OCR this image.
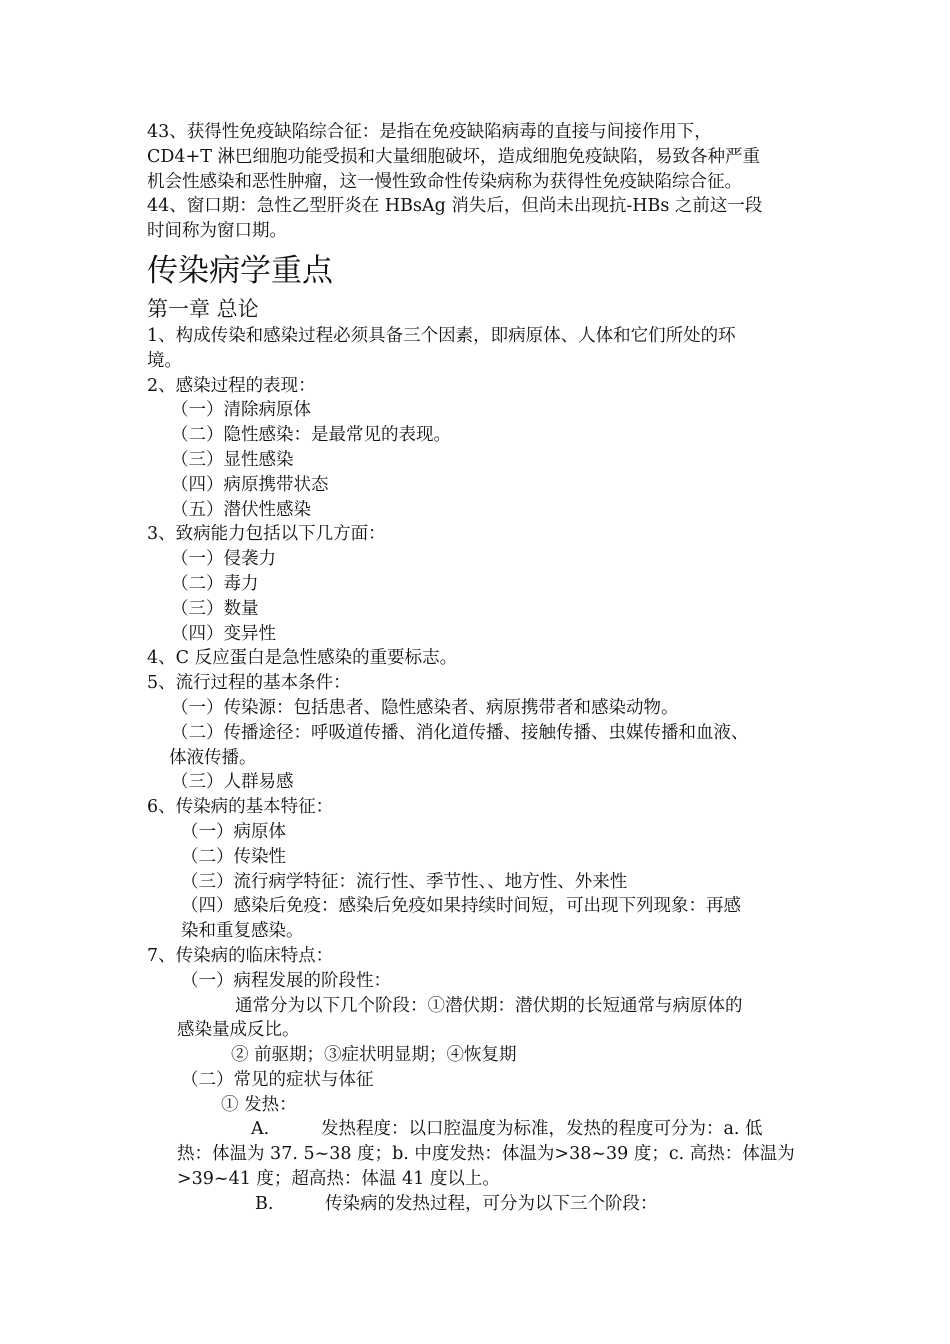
43、获得性免疫缺陷综合征：是指在免疫缺陷病毒的直接与间接作用下，

CD4+T 淋巴细胞功能受损和大量细胞破坏，造成细胞免疫缺陷，易致各种严重

机会性感染和恶性肿瘤，这一慢性致命性传染病称为获得性免疫缺陷综合征。

44、窗口期：急性乙型肝炎在 HBsAg 消失后，但尚未出现抗-HBs 之前这一段

时间称为窗口期。

传染病学重点
第一章 总论

1、构成传染和感染过程必须具备三个因素，即病原体、人体和它们所处的环

境。

2、感染过程的表现：

（一）清除病原体

（二）隐性感染：是最常见的表现。

（三）显性感染

（四）病原携带状态

（五）潜伏性感染

3、致病能力包括以下几方面：

（一）侵袭力

（二）毒力

（三）数量

（四）变异性

4、C 反应蛋白是急性感染的重要标志。

5、流行过程的基本条件：

（一）传染源：包括患者、隐性感染者、病原携带者和感染动物。

（二）传播途径：呼吸道传播、消化道传播、接触传播、虫媒传播和血液、

体液传播。

（三）人群易感

6、传染病的基本特征：

（一）病原体

（二）传染性

（三）流行病学特征：流行性、季节性、、地方性、外来性

（四）感染后免疫：感染后免疫如果持续时间短，可出现下列现象：再感

染和重复感染。

7、传染病的临床特点：

（一）病程发展的阶段性：

通常分为以下几个阶段：①潜伏期：潜伏期的长短通常与病原体的

感染量成反比。

② 前驱期；③症状明显期；④恢复期

（二）常见的症状与体征

① 发热：

A.	发热程度：以口腔温度为标准，发热的程度可分为：a. 低

热：体温为 37. 5~38 度；b. 中度发热：体温为>38~39 度；c. 高热：体温为

>39~41 度；超高热：体温 41 度以上。

B.	传染病的发热过程，可分为以下三个阶段：
